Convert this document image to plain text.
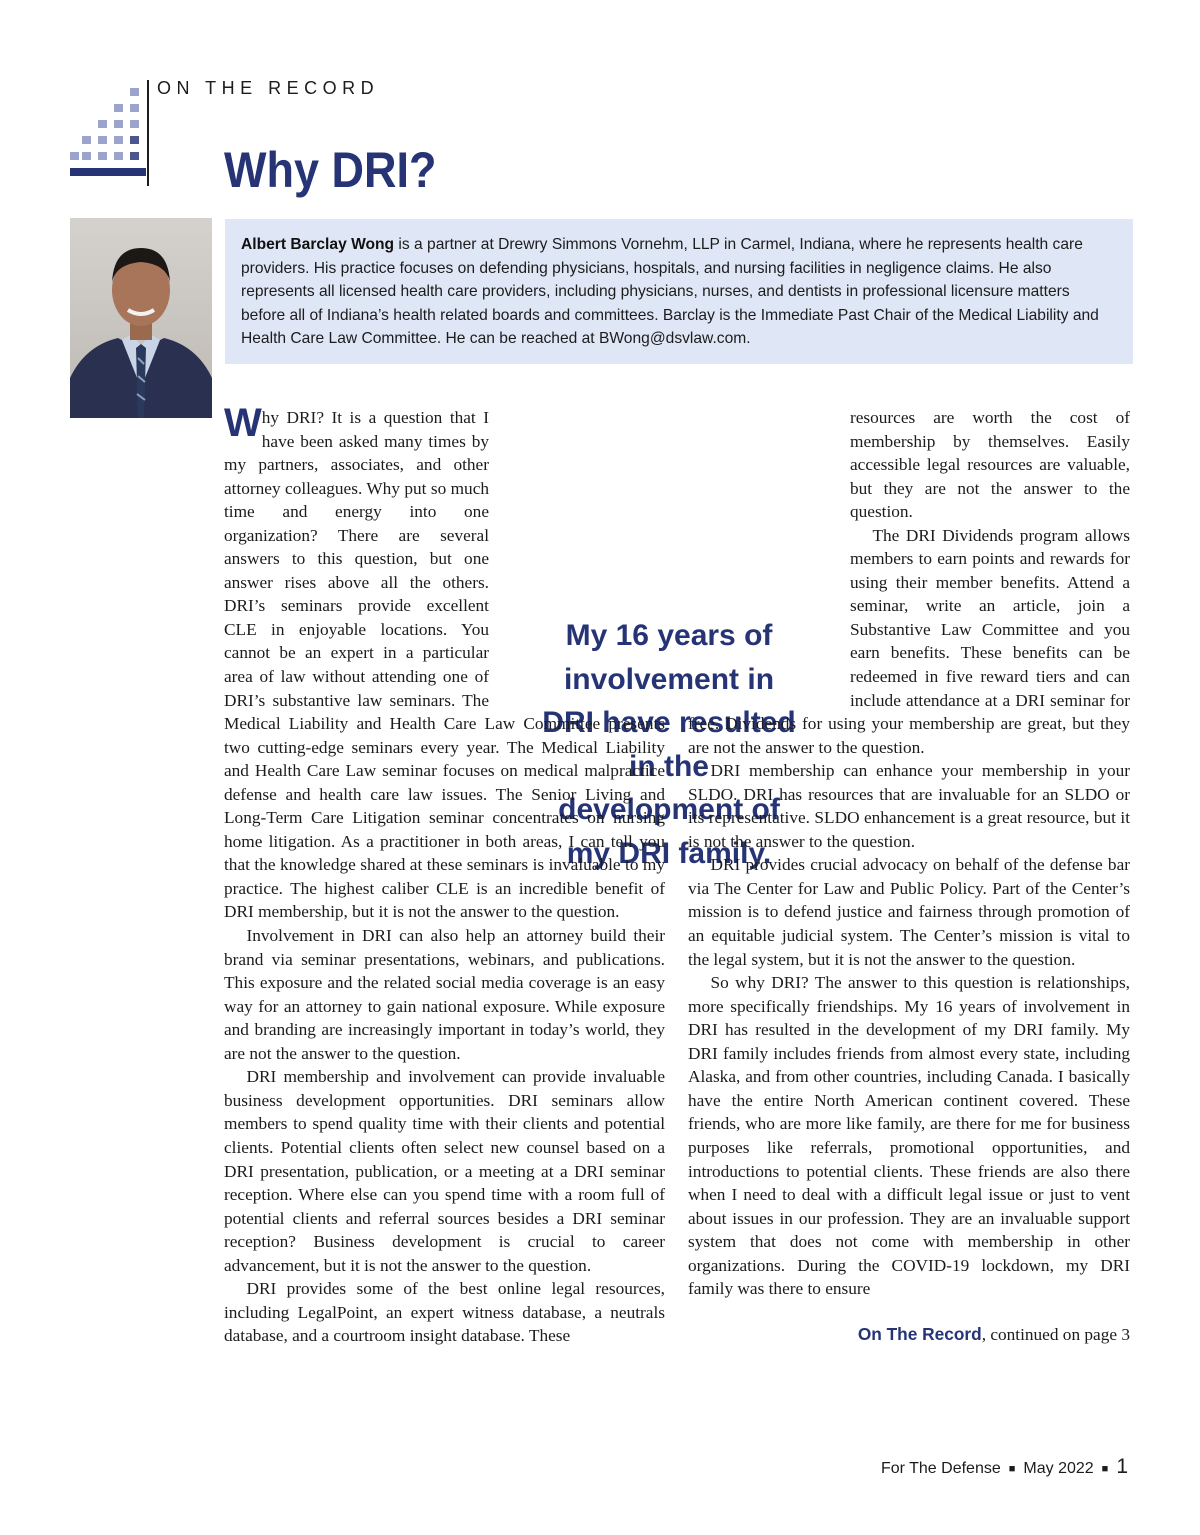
ON THE RECORD
Why DRI?
Albert Barclay Wong is a partner at Drewry Simmons Vornehm, LLP in Carmel, Indiana, where he represents health care providers. His practice focuses on defending physicians, hospitals, and nursing facilities in negligence claims. He also represents all licensed health care providers, including physicians, nurses, and dentists in professional licensure matters before all of Indiana’s health related boards and committees. Barclay is the Immediate Past Chair of the Medical Liability and Health Care Law Committee. He can be reached at BWong@dsvlaw.com.

My 16 years of involvement in DRI have resulted in the development of my DRI family.

Why DRI? It is a question that I have been asked many times by my partners, associates, and other attorney colleagues. Why put so much time and energy into one organization? There are several answers to this question, but one answer rises above all the others. DRI’s seminars provide excellent CLE in enjoyable locations. You cannot be an expert in a particular area of law without attending one of DRI’s substantive law seminars. The Medical Liability and Health Care Law Committee presents two cutting-edge seminars every year. The Medical Liability and Health Care Law seminar focuses on medical malpractice defense and health care law issues. The Senior Living and Long-Term Care Litigation seminar concentrates on nursing home litigation. As a practitioner in both areas, I can tell you that the knowledge shared at these seminars is invaluable to my practice. The highest caliber CLE is an incredible benefit of DRI membership, but it is not the answer to the question.

Involvement in DRI can also help an attorney build their brand via seminar presentations, webinars, and publications. This exposure and the related social media coverage is an easy way for an attorney to gain national exposure. While exposure and branding are increasingly important in today’s world, they are not the answer to the question.

DRI membership and involvement can provide invaluable business development opportunities. DRI seminars allow members to spend quality time with their clients and potential clients. Potential clients often select new counsel based on a DRI presentation, publication, or a meeting at a DRI seminar reception. Where else can you spend time with a room full of potential clients and referral sources besides a DRI seminar reception? Business development is crucial to career advancement, but it is not the answer to the question.

DRI provides some of the best online legal resources, including LegalPoint, an expert witness database, a neutrals database, and a courtroom insight database. These

resources are worth the cost of membership by themselves. Easily accessible legal resources are valuable, but they are not the answer to the question.

The DRI Dividends program allows members to earn points and rewards for using their member benefits. Attend a seminar, write an article, join a Substantive Law Committee and you earn benefits. These benefits can be redeemed in five reward tiers and can include attendance at a DRI seminar for free. Dividends for using your membership are great, but they are not the answer to the question.

DRI membership can enhance your membership in your SLDO. DRI has resources that are invaluable for an SLDO or its representative. SLDO enhancement is a great resource, but it is not the answer to the question.

DRI provides crucial advocacy on behalf of the defense bar via The Center for Law and Public Policy. Part of the Center’s mission is to defend justice and fairness through promotion of an equitable judicial system. The Center’s mission is vital to the legal system, but it is not the answer to the question.

So why DRI? The answer to this question is relationships, more specifically friendships. My 16 years of involvement in DRI has resulted in the development of my DRI family. My DRI family includes friends from almost every state, including Alaska, and from other countries, including Canada. I basically have the entire North American continent covered. These friends, who are more like family, are there for me for business purposes like referrals, promotional opportunities, and introductions to potential clients. These friends are also there when I need to deal with a difficult legal issue or just to vent about issues in our profession. They are an invaluable support system that does not come with membership in other organizations. During the COVID-19 lockdown, my DRI family was there to ensure

On The Record, continued on page 3

For The Defense ■ May 2022 ■ 1
